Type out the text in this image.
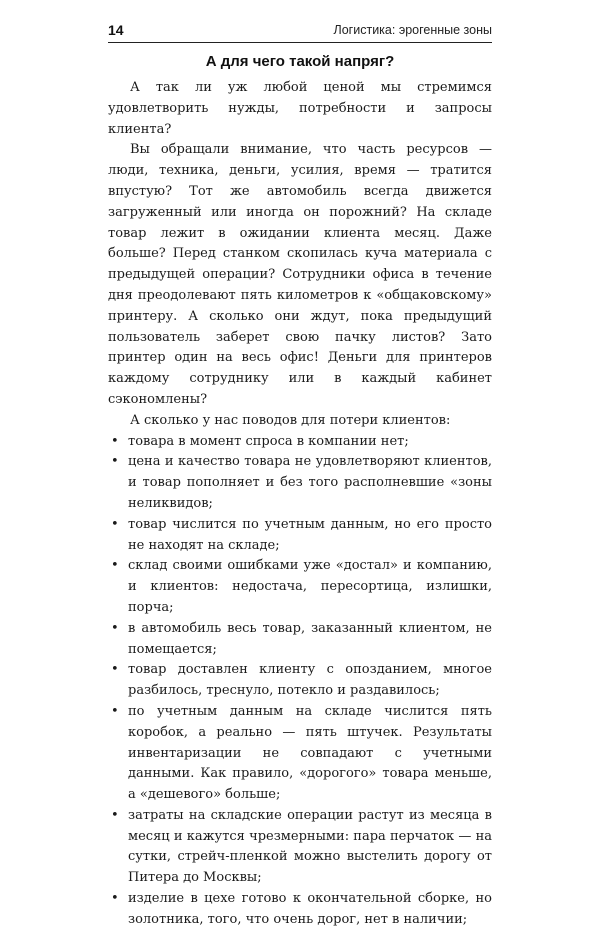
14	Логистика: эрогенные зоны
А для чего такой напряг?

А так ли уж любой ценой мы стремимся удовлетворить нужды, потребности и запросы клиента?

Вы обращали внимание, что часть ресурсов — люди, техника, деньги, усилия, время — тратится впустую? Тот же автомобиль всегда движется загруженный или иногда он порожний? На складе товар лежит в ожидании клиента месяц. Даже больше? Перед станком скопилась куча материала с предыдущей операции? Сотрудники офиса в течение дня преодолевают пять километров к «общаковскому» принтеру. А сколько они ждут, пока предыдущий пользователь заберет свою пачку листов? Зато принтер один на весь офис! Деньги для принтеров каждому сотруднику или в каждый кабинет сэкономлены?

А сколько у нас поводов для потери клиентов:

• товара в момент спроса в компании нет;
• цена и качество товара не удовлетворяют клиентов, и товар пополняет и без того располневшие «зоны неликвидов;
• товар числится по учетным данным, но его просто не находят на складе;
• склад своими ошибками уже «достал» и компанию, и клиентов: недостача, пересортица, излишки, порча;
• в автомобиль весь товар, заказанный клиентом, не помещается;
• товар доставлен клиенту с опозданием, многое разбилось, треснуло, потекло и раздавилось;
• по учетным данным на складе числится пять коробок, а реально — пять штучек. Результаты инвентаризации не совпадают с учетными данными. Как правило, «дорогого» товара меньше, а «дешевого» больше;
• затраты на складские операции растут из месяца в месяц и кажутся чрезмерными: пара перчаток — на сутки, стрейч-пленкой можно выстелить дорогу от Питера до Москвы;
• изделие в цехе готово к окончательной сборке, но золотника, того, что очень дорог, нет в наличии;
